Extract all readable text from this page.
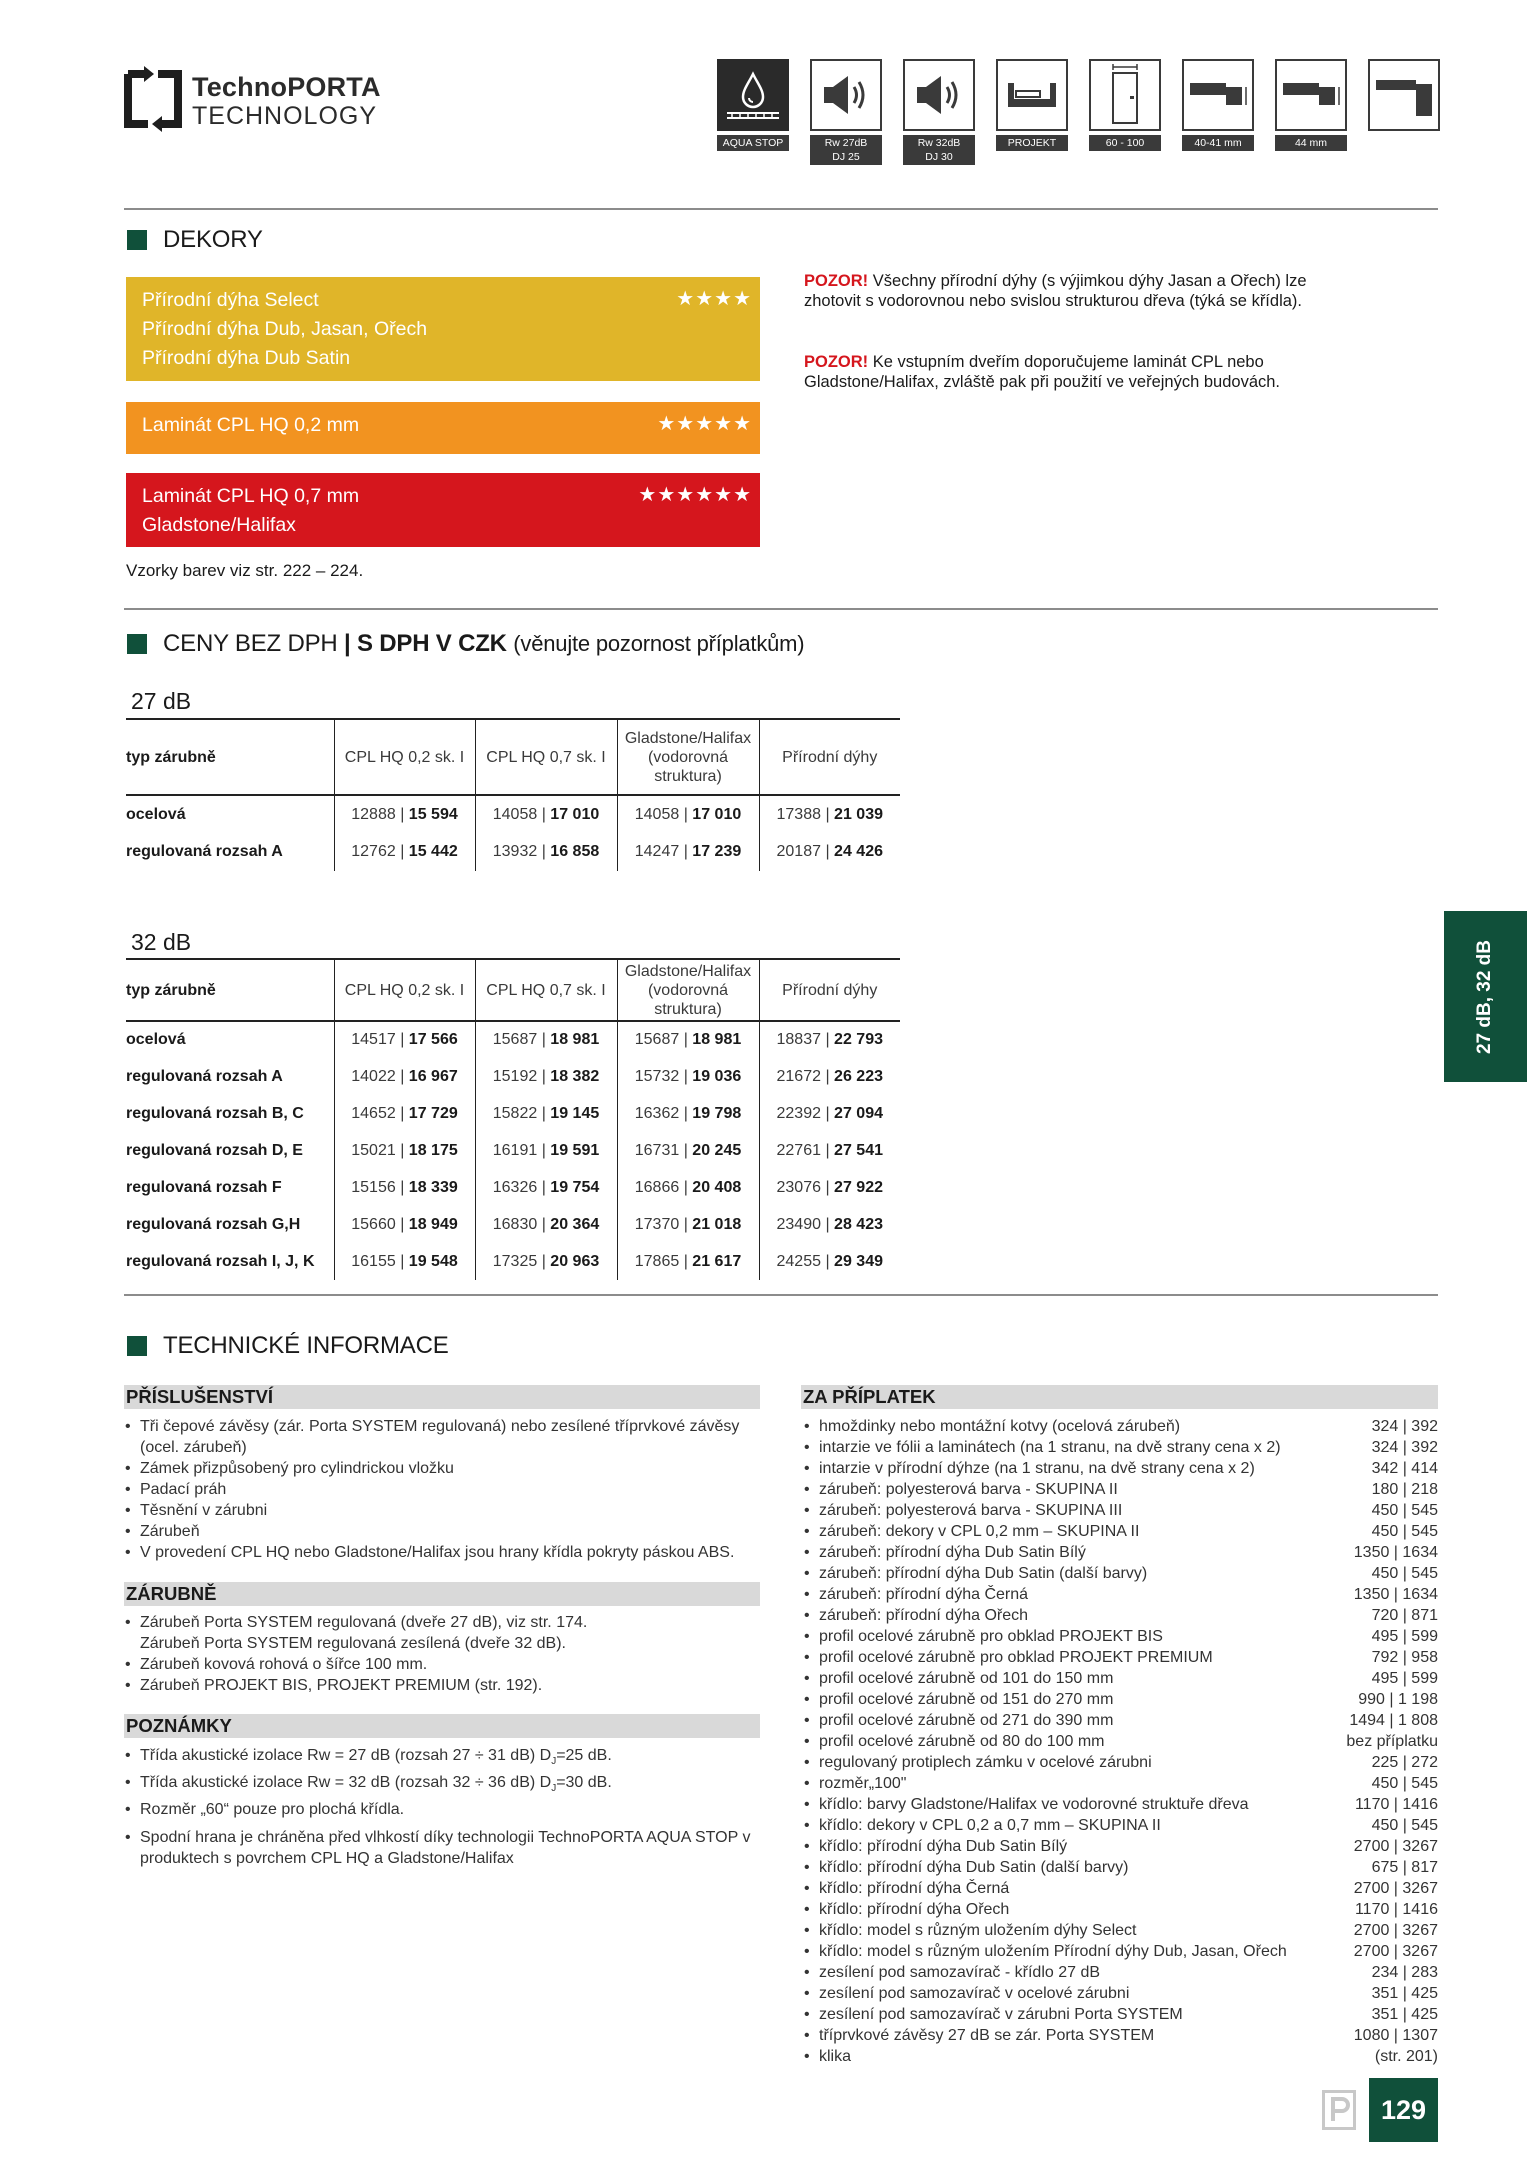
TechnoPORTA
TECHNOLOGY
AQUA STOP	Rw 27dB
DJ 25
Rw 32dB
DJ 30
PROJEKT	60 - 100	40-41 mm	44 mm
DEKORY
Přírodní dýha Select
Přírodní dýha Dub, Jasan, Ořech
Přírodní dýha Dub Satin
★★★★
Laminát CPL HQ 0,2 mm	★★★★★
Laminát CPL HQ 0,7 mm
Gladstone/Halifax
★★★★★★
Vzorky barev viz str. 222 – 224.
POZOR! Všechny přírodní dýhy (s výjimkou dýhy Jasan a Ořech) lze zhotovit s vodorovnou nebo svislou strukturou dřeva (týká se křídla).
POZOR! Ke vstupním dveřím doporučujeme laminát CPL nebo Gladstone/Halifax, zvláště pak při použití ve veřejných budovách.
CENY BEZ DPH | S DPH V CZK (věnujte pozornost příplatkům)
27 dB
typ zárubně	CPL HQ 0,2 sk. I	CPL HQ 0,7 sk. I	Gladstone/Halifax (vodorovná struktura)	Přírodní dýhy
ocelová	12888 | 15 594	14058 | 17 010	14058 | 17 010	17388 | 21 039
regulovaná rozsah A	12762 | 15 442	13932 | 16 858	14247 | 17 239	20187 | 24 426
32 dB
typ zárubně	CPL HQ 0,2 sk. I	CPL HQ 0,7 sk. I	Gladstone/Halifax (vodorovná struktura)	Přírodní dýhy
ocelová	14517 | 17 566	15687 | 18 981	15687 | 18 981	18837 | 22 793
regulovaná rozsah A	14022 | 16 967	15192 | 18 382	15732 | 19 036	21672 | 26 223
regulovaná rozsah B, C	14652 | 17 729	15822 | 19 145	16362 | 19 798	22392 | 27 094
regulovaná rozsah D, E	15021 | 18 175	16191 | 19 591	16731 | 20 245	22761 | 27 541
regulovaná rozsah F	15156 | 18 339	16326 | 19 754	16866 | 20 408	23076 | 27 922
regulovaná rozsah G,H	15660 | 18 949	16830 | 20 364	17370 | 21 018	23490 | 28 423
regulovaná rozsah I, J, K	16155 | 19 548	17325 | 20 963	17865 | 21 617	24255 | 29 349
TECHNICKÉ INFORMACE
PŘÍSLUŠENSTVÍ
• Tři čepové závěsy (zár. Porta SYSTEM regulovaná) nebo zesílené tříprvkové závěsy (ocel. zárubeň)
• Zámek přizpůsobený pro cylindrickou vložku
• Padací práh
• Těsnění v zárubni
• Zárubeň
• V provedení CPL HQ nebo Gladstone/Halifax jsou hrany křídla pokryty páskou ABS.
ZÁRUBNĚ
• Zárubeň Porta SYSTEM regulovaná (dveře 27 dB), viz str. 174.
Zárubeň Porta SYSTEM regulovaná zesílená (dveře 32 dB).
• Zárubeň kovová rohová o šířce 100 mm.
• Zárubeň PROJEKT BIS, PROJEKT PREMIUM (str. 192).
POZNÁMKY
• Třída akustické izolace Rw = 27 dB (rozsah 27 ÷ 31 dB) $D_J=25$ dB.
• Třída akustické izolace Rw = 32 dB (rozsah 32 ÷ 36 dB) $D_J=30$ dB.
• Rozměr „60“ pouze pro plochá křídla.
• Spodní hrana je chráněna před vlhkostí díky technologii TechnoPORTA AQUA STOP v produktech s povrchem CPL HQ a Gladstone/Halifax
ZA PŘÍPLATEK
• hmoždinky nebo montážní kotvy (ocelová zárubeň)	324 | 392
• intarzie ve fólii a laminátech (na 1 stranu, na dvě strany cena x 2)	324 | 392
• intarzie v přírodní dýhze (na 1 stranu, na dvě strany cena x 2)	342 | 414
• zárubeň: polyesterová barva - SKUPINA II	180 | 218
• zárubeň: polyesterová barva - SKUPINA III	450 | 545
• zárubeň: dekory v CPL 0,2 mm – SKUPINA II	450 | 545
• zárubeň: přírodní dýha Dub Satin Bílý	1350 | 1634
• zárubeň: přírodní dýha Dub Satin (další barvy)	450 | 545
• zárubeň: přírodní dýha Černá	1350 | 1634
• zárubeň: přírodní dýha Ořech	720 | 871
• profil ocelové zárubně pro obklad PROJEKT BIS	495 | 599
• profil ocelové zárubně pro obklad PROJEKT PREMIUM	792 | 958
• profil ocelové zárubně od 101 do 150 mm	495 | 599
• profil ocelové zárubně od 151 do 270 mm	990 | 1 198
• profil ocelové zárubně od 271 do 390 mm	1494 | 1 808
• profil ocelové zárubně od 80 do 100 mm	bez příplatku
• regulovaný protiplech zámku v ocelové zárubni	225 | 272
• rozměr„100"	450 | 545
• křídlo: barvy Gladstone/Halifax ve vodorovné struktuře dřeva	1170 | 1416
• křídlo: dekory v CPL 0,2 a 0,7 mm – SKUPINA II	450 | 545
• křídlo: přírodní dýha Dub Satin Bílý	2700 | 3267
• křídlo: přírodní dýha Dub Satin (další barvy)	675 | 817
• křídlo: přírodní dýha Černá	2700 | 3267
• křídlo: přírodní dýha Ořech	1170 | 1416
• křídlo: model s různým uložením dýhy Select	2700 | 3267
• křídlo: model s různým uložením Přírodní dýhy Dub, Jasan, Ořech	2700 | 3267
• zesílení pod samozavírač - křídlo 27 dB	234 | 283
• zesílení pod samozavírač v ocelové zárubni	351 | 425
• zesílení pod samozavírač v zárubni Porta SYSTEM	351 | 425
• třípr​vkové závěsy 27 dB se zár. Porta SYSTEM	1080 | 1307
• klika	(str. 201)
27 dB, 32 dB
129
